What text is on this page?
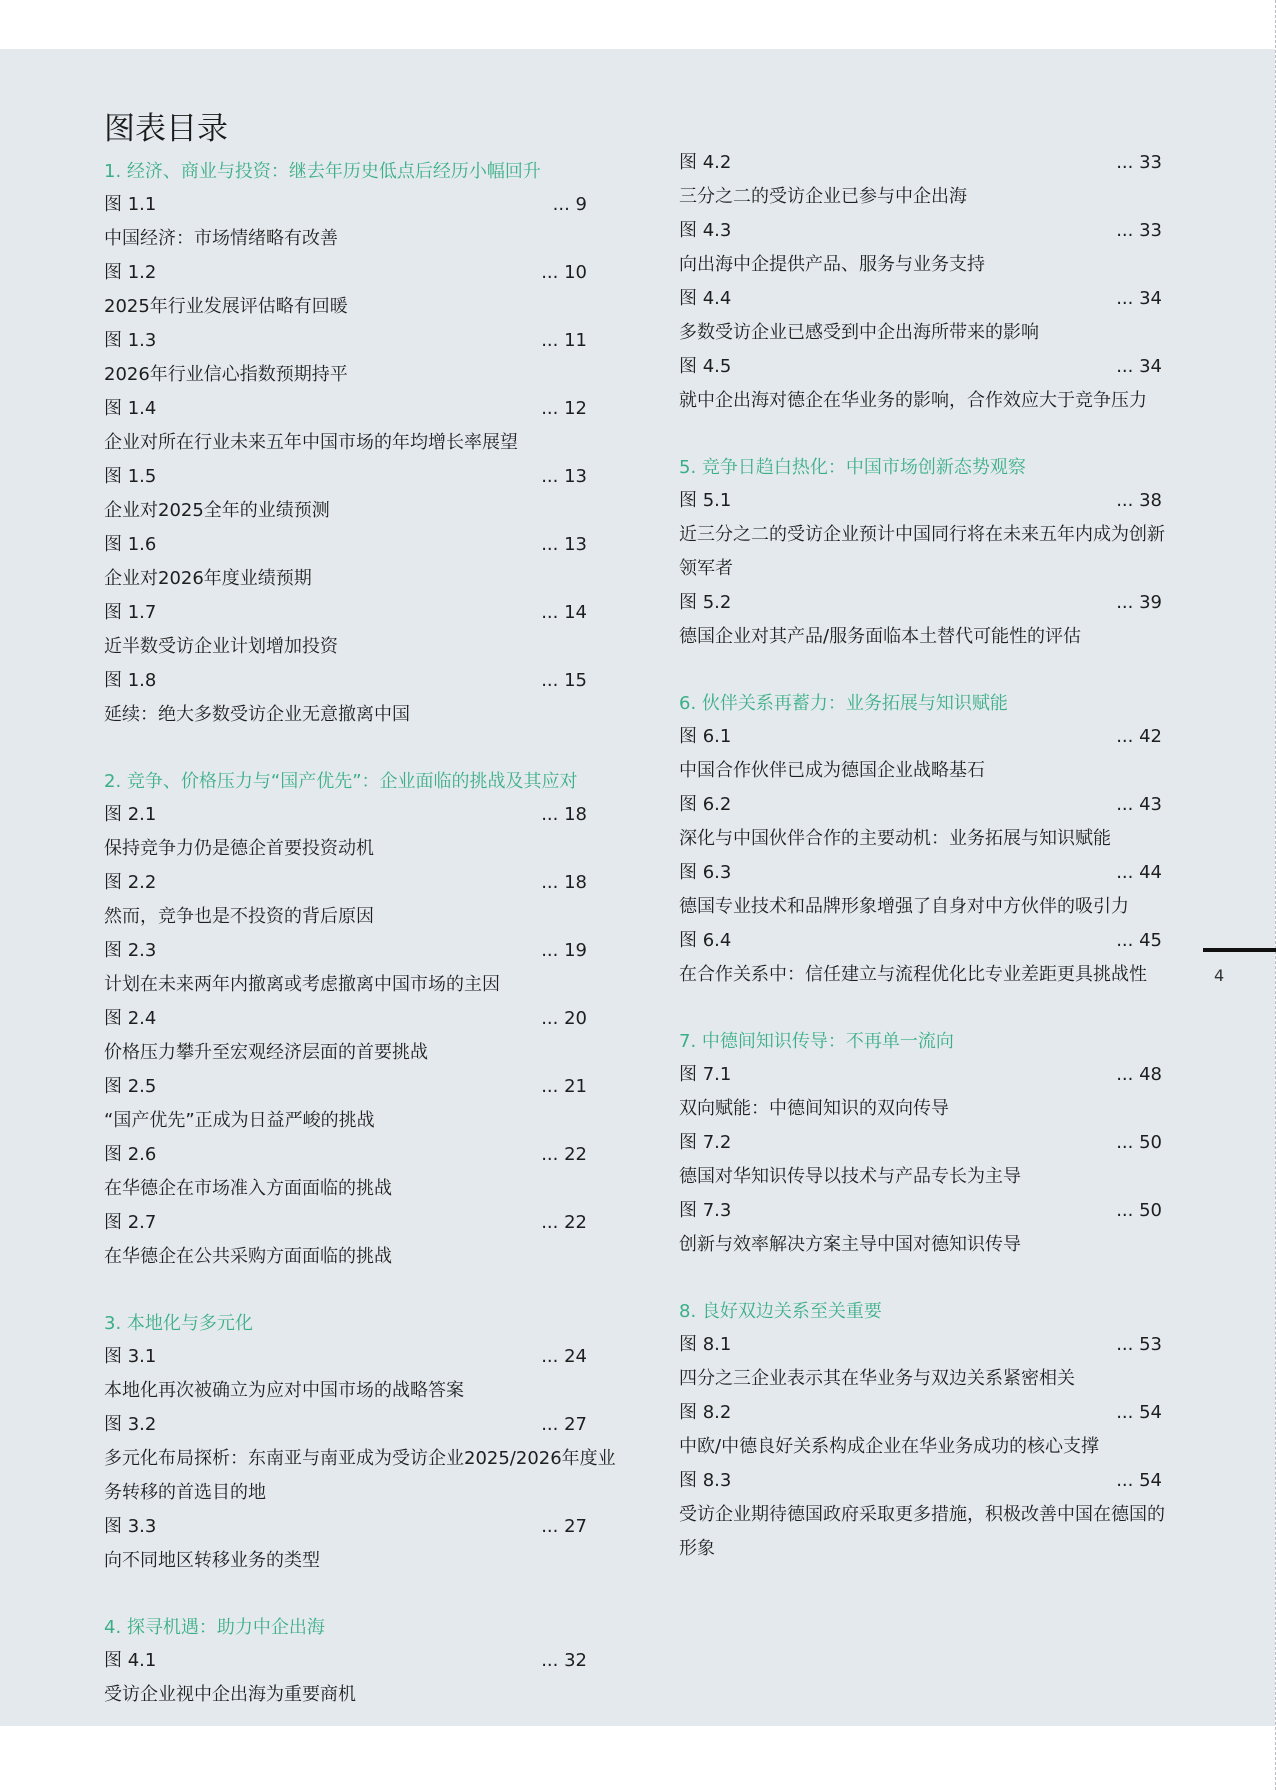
图表目录
1. 经济、商业与投资：继去年历史低点后经历小幅回升
图 1.1	... 9
中国经济：市场情绪略有改善
图 1.2	... 10
2025年行业发展评估略有回暖
图 1.3	... 11
2026年行业信心指数预期持平
图 1.4	... 12
企业对所在行业未来五年中国市场的年均增长率展望
图 1.5	... 13
企业对2025全年的业绩预测
图 1.6	... 13
企业对2026年度业绩预期
图 1.7	... 14
近半数受访企业计划增加投资
图 1.8	... 15
延续：绝大多数受访企业无意撤离中国
2. 竞争、价格压力与“国产优先”：企业面临的挑战及其应对
图 2.1	... 18
保持竞争力仍是德企首要投资动机
图 2.2	... 18
然而，竞争也是不投资的背后原因
图 2.3	... 19
计划在未来两年内撤离或考虑撤离中国市场的主因
图 2.4	... 20
价格压力攀升至宏观经济层面的首要挑战
图 2.5	... 21
“国产优先”正成为日益严峻的挑战
图 2.6	... 22
在华德企在市场准入方面面临的挑战
图 2.7	... 22
在华德企在公共采购方面面临的挑战
3. 本地化与多元化
图 3.1	... 24
本地化再次被确立为应对中国市场的战略答案
图 3.2	... 27
多元化布局探析：东南亚与南亚成为受访企业2025/2026年度业务转移的首选目的地
图 3.3	... 27
向不同地区转移业务的类型
4. 探寻机遇：助力中企出海
图 4.1	... 32
受访企业视中企出海为重要商机
图 4.2	... 33
三分之二的受访企业已参与中企出海
图 4.3	... 33
向出海中企提供产品、服务与业务支持
图 4.4	... 34
多数受访企业已感受到中企出海所带来的影响
图 4.5	... 34
就中企出海对德企在华业务的影响，合作效应大于竞争压力
5. 竞争日趋白热化：中国市场创新态势观察
图 5.1	... 38
近三分之二的受访企业预计中国同行将在未来五年内成为创新领军者
图 5.2	... 39
德国企业对其产品/服务面临本土替代可能性的评估
6. 伙伴关系再蓄力：业务拓展与知识赋能
图 6.1	... 42
中国合作伙伴已成为德国企业战略基石
图 6.2	... 43
深化与中国伙伴合作的主要动机：业务拓展与知识赋能
图 6.3	... 44
德国专业技术和品牌形象增强了自身对中方伙伴的吸引力
图 6.4	... 45
在合作关系中：信任建立与流程优化比专业差距更具挑战性
7. 中德间知识传导：不再单一流向
图 7.1	... 48
双向赋能：中德间知识的双向传导
图 7.2	... 50
德国对华知识传导以技术与产品专长为主导
图 7.3	... 50
创新与效率解决方案主导中国对德知识传导
8. 良好双边关系至关重要
图 8.1	... 53
四分之三企业表示其在华业务与双边关系紧密相关
图 8.2	... 54
中欧/中德良好关系构成企业在华业务成功的核心支撑
图 8.3	... 54
受访企业期待德国政府采取更多措施，积极改善中国在德国的形象
4
